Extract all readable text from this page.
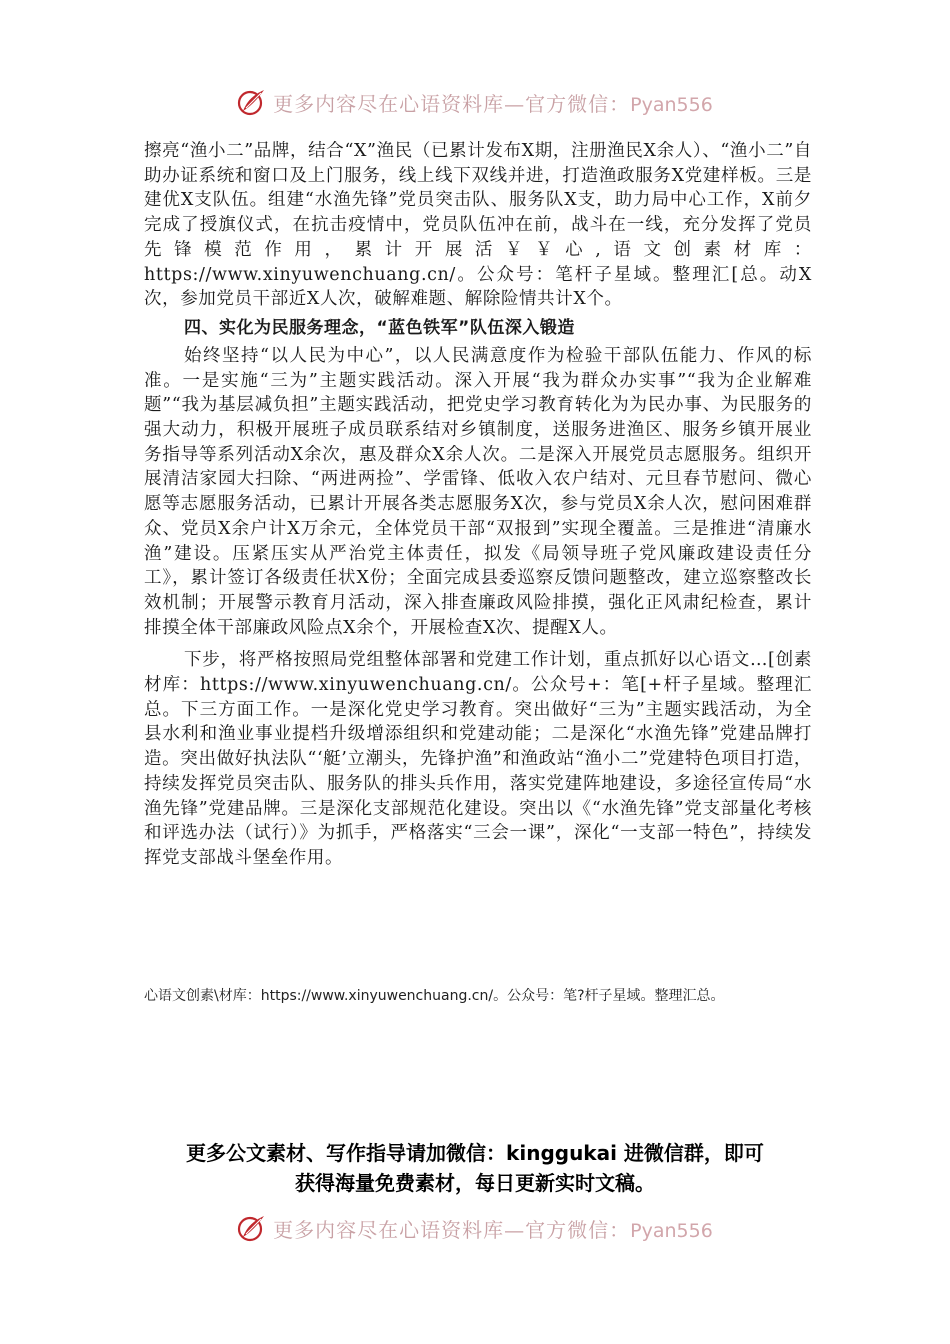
更多内容尽在心语资料库—官方微信：Pyan556

擦亮“渔小二”品牌，结合“X”渔民（已累计发布X期，注册渔民X余人）、“渔小二”自助办证系统和窗口及上门服务，线上线下双线并进，打造渔政服务X党建样板。三是建优X支队伍。组建“水渔先锋”党员突击队、服务队X支，助力局中心工作，X前夕完成了授旗仪式，在抗击疫情中，党员队伍冲在前，战斗在一线，充分发挥了党员先锋模范作用，累计开展活￥￥心,语文创素材库：https://www.xinyuwenchuang.cn/。公众号：笔杆子星域。整理汇[总。动X次，参加党员干部近X人次，破解难题、解除险情共计X个。

四、实化为民服务理念，“蓝色铁军”队伍深入锻造

始终坚持“以人民为中心”，以人民满意度作为检验干部队伍能力、作风的标准。一是实施“三为”主题实践活动。深入开展“我为群众办实事”“我为企业解难题”“我为基层减负担”主题实践活动，把党史学习教育转化为为民办事、为民服务的强大动力，积极开展班子成员联系结对乡镇制度，送服务进渔区、服务乡镇开展业务指导等系列活动X余次，惠及群众X余人次。二是深入开展党员志愿服务。组织开展清洁家园大扫除、“两进两捡”、学雷锋、低收入农户结对、元旦春节慰问、微心愿等志愿服务活动，已累计开展各类志愿服务X次，参与党员X余人次，慰问困难群众、党员X余户计X万余元，全体党员干部“双报到”实现全覆盖。三是推进“清廉水渔”建设。压紧压实从严治党主体责任，拟发《局领导班子党风廉政建设责任分工》，累计签订各级责任状X份；全面完成县委巡察反馈问题整改，建立巡察整改长效机制；开展警示教育月活动，深入排查廉政风险排摸，强化正风肃纪检查，累计排摸全体干部廉政风险点X余个，开展检查X次、提醒X人。

下步，将严格按照局党组整体部署和党建工作计划，重点抓好以心语文…[创素材库：https://www.xinyuwenchuang.cn/。公众号+：笔[+杆子星域。整理汇总。下三方面工作。一是深化党史学习教育。突出做好“三为”主题实践活动，为全县水利和渔业事业提档升级增添组织和党建动能；二是深化“水渔先锋”党建品牌打造。突出做好执法队“‘艇’立潮头，先锋护渔”和渔政站“渔小二”党建特色项目打造，持续发挥党员突击队、服务队的排头兵作用，落实党建阵地建设，多途径宣传局“水渔先锋”党建品牌。三是深化支部规范化建设。突出以《“水渔先锋”党支部量化考核和评选办法（试行）》为抓手，严格落实“三会一课”，深化“一支部一特色”，持续发挥党支部战斗堡垒作用。

心语文创素\材库：https://www.xinyuwenchuang.cn/。公众号：笔?杆子星域。整理汇总。
更多公文素材、写作指导请加微信：kinggukai 进微信群，即可
获得海量免费素材，每日更新实时文稿。
更多内容尽在心语资料库—官方微信：Pyan556
